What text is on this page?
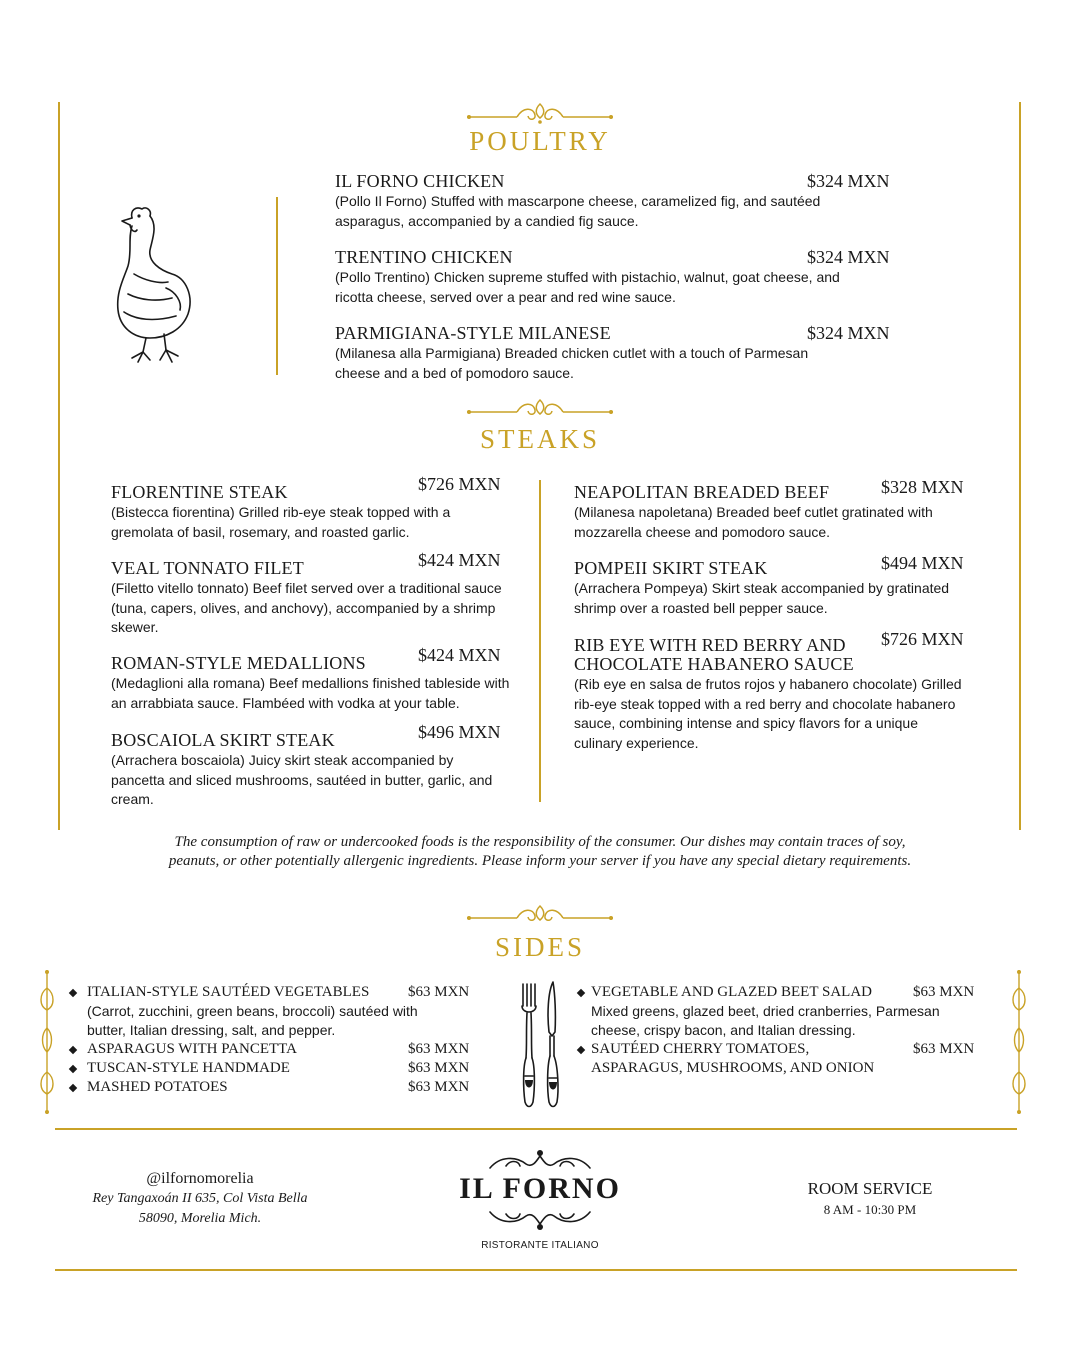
POULTRY
IL FORNO CHICKEN	$324 MXN
(Pollo Il Forno) Stuffed with mascarpone cheese, caramelized fig, and sautéed asparagus, accompanied by a candied fig sauce.
TRENTINO CHICKEN	$324 MXN
(Pollo Trentino) Chicken supreme stuffed with pistachio, walnut, goat cheese, and ricotta cheese, served over a pear and red wine sauce.
PARMIGIANA-STYLE MILANESE	$324 MXN
(Milanesa alla Parmigiana) Breaded chicken cutlet with a touch of Parmesan cheese and a bed of pomodoro sauce.
STEAKS
FLORENTINE STEAK	$726 MXN
(Bistecca fiorentina) Grilled rib-eye steak topped with a gremolata of basil, rosemary, and roasted garlic.
VEAL TONNATO FILET	$424 MXN
(Filetto vitello tonnato) Beef filet served over a traditional sauce (tuna, capers, olives, and anchovy), accompanied by a shrimp skewer.
ROMAN-STYLE MEDALLIONS	$424 MXN
(Medaglioni alla romana) Beef medallions finished tableside with an arrabbiata sauce. Flambéed with vodka at your table.
BOSCAIOLA SKIRT STEAK	$496 MXN
(Arrachera boscaiola) Juicy skirt steak accompanied by pancetta and sliced mushrooms, sautéed in butter, garlic, and cream.
NEAPOLITAN BREADED BEEF	$328 MXN
(Milanesa napoletana) Breaded beef cutlet gratinated with mozzarella cheese and pomodoro sauce.
POMPEII SKIRT STEAK	$494 MXN
(Arrachera Pompeya) Skirt steak accompanied by gratinated shrimp over a roasted bell pepper sauce.
RIB EYE WITH RED BERRY AND
CHOCOLATE HABANERO SAUCE
$726 MXN
(Rib eye en salsa de frutos rojos y habanero chocolate) Grilled rib-eye steak topped with a red berry and chocolate habanero sauce, combining intense and spicy flavors for a unique culinary experience.
The consumption of raw or undercooked foods is the responsibility of the consumer. Our dishes may contain traces of soy, peanuts, or other potentially allergenic ingredients. Please inform your server if you have any special dietary requirements.
SIDES
ITALIAN-STYLE SAUTÉED VEGETABLES	$63 MXN
(Carrot, zucchini, green beans, broccoli) sautéed with butter, Italian dressing, salt, and pepper.
ASPARAGUS WITH PANCETTA	$63 MXN
TUSCAN-STYLE HANDMADE	$63 MXN
MASHED POTATOES	$63 MXN
VEGETABLE AND GLAZED BEET SALAD	$63 MXN
Mixed greens, glazed beet, dried cranberries, Parmesan cheese, crispy bacon, and Italian dressing.
SAUTÉED CHERRY TOMATOES,
ASPARAGUS, MUSHROOMS, AND ONION
$63 MXN
@ilfornomorelia
Rey Tangaxoán II 635, Col Vista Bella
58090, Morelia Mich.
IL FORNO
RISTORANTE ITALIANO
ROOM SERVICE
8 AM - 10:30 PM
